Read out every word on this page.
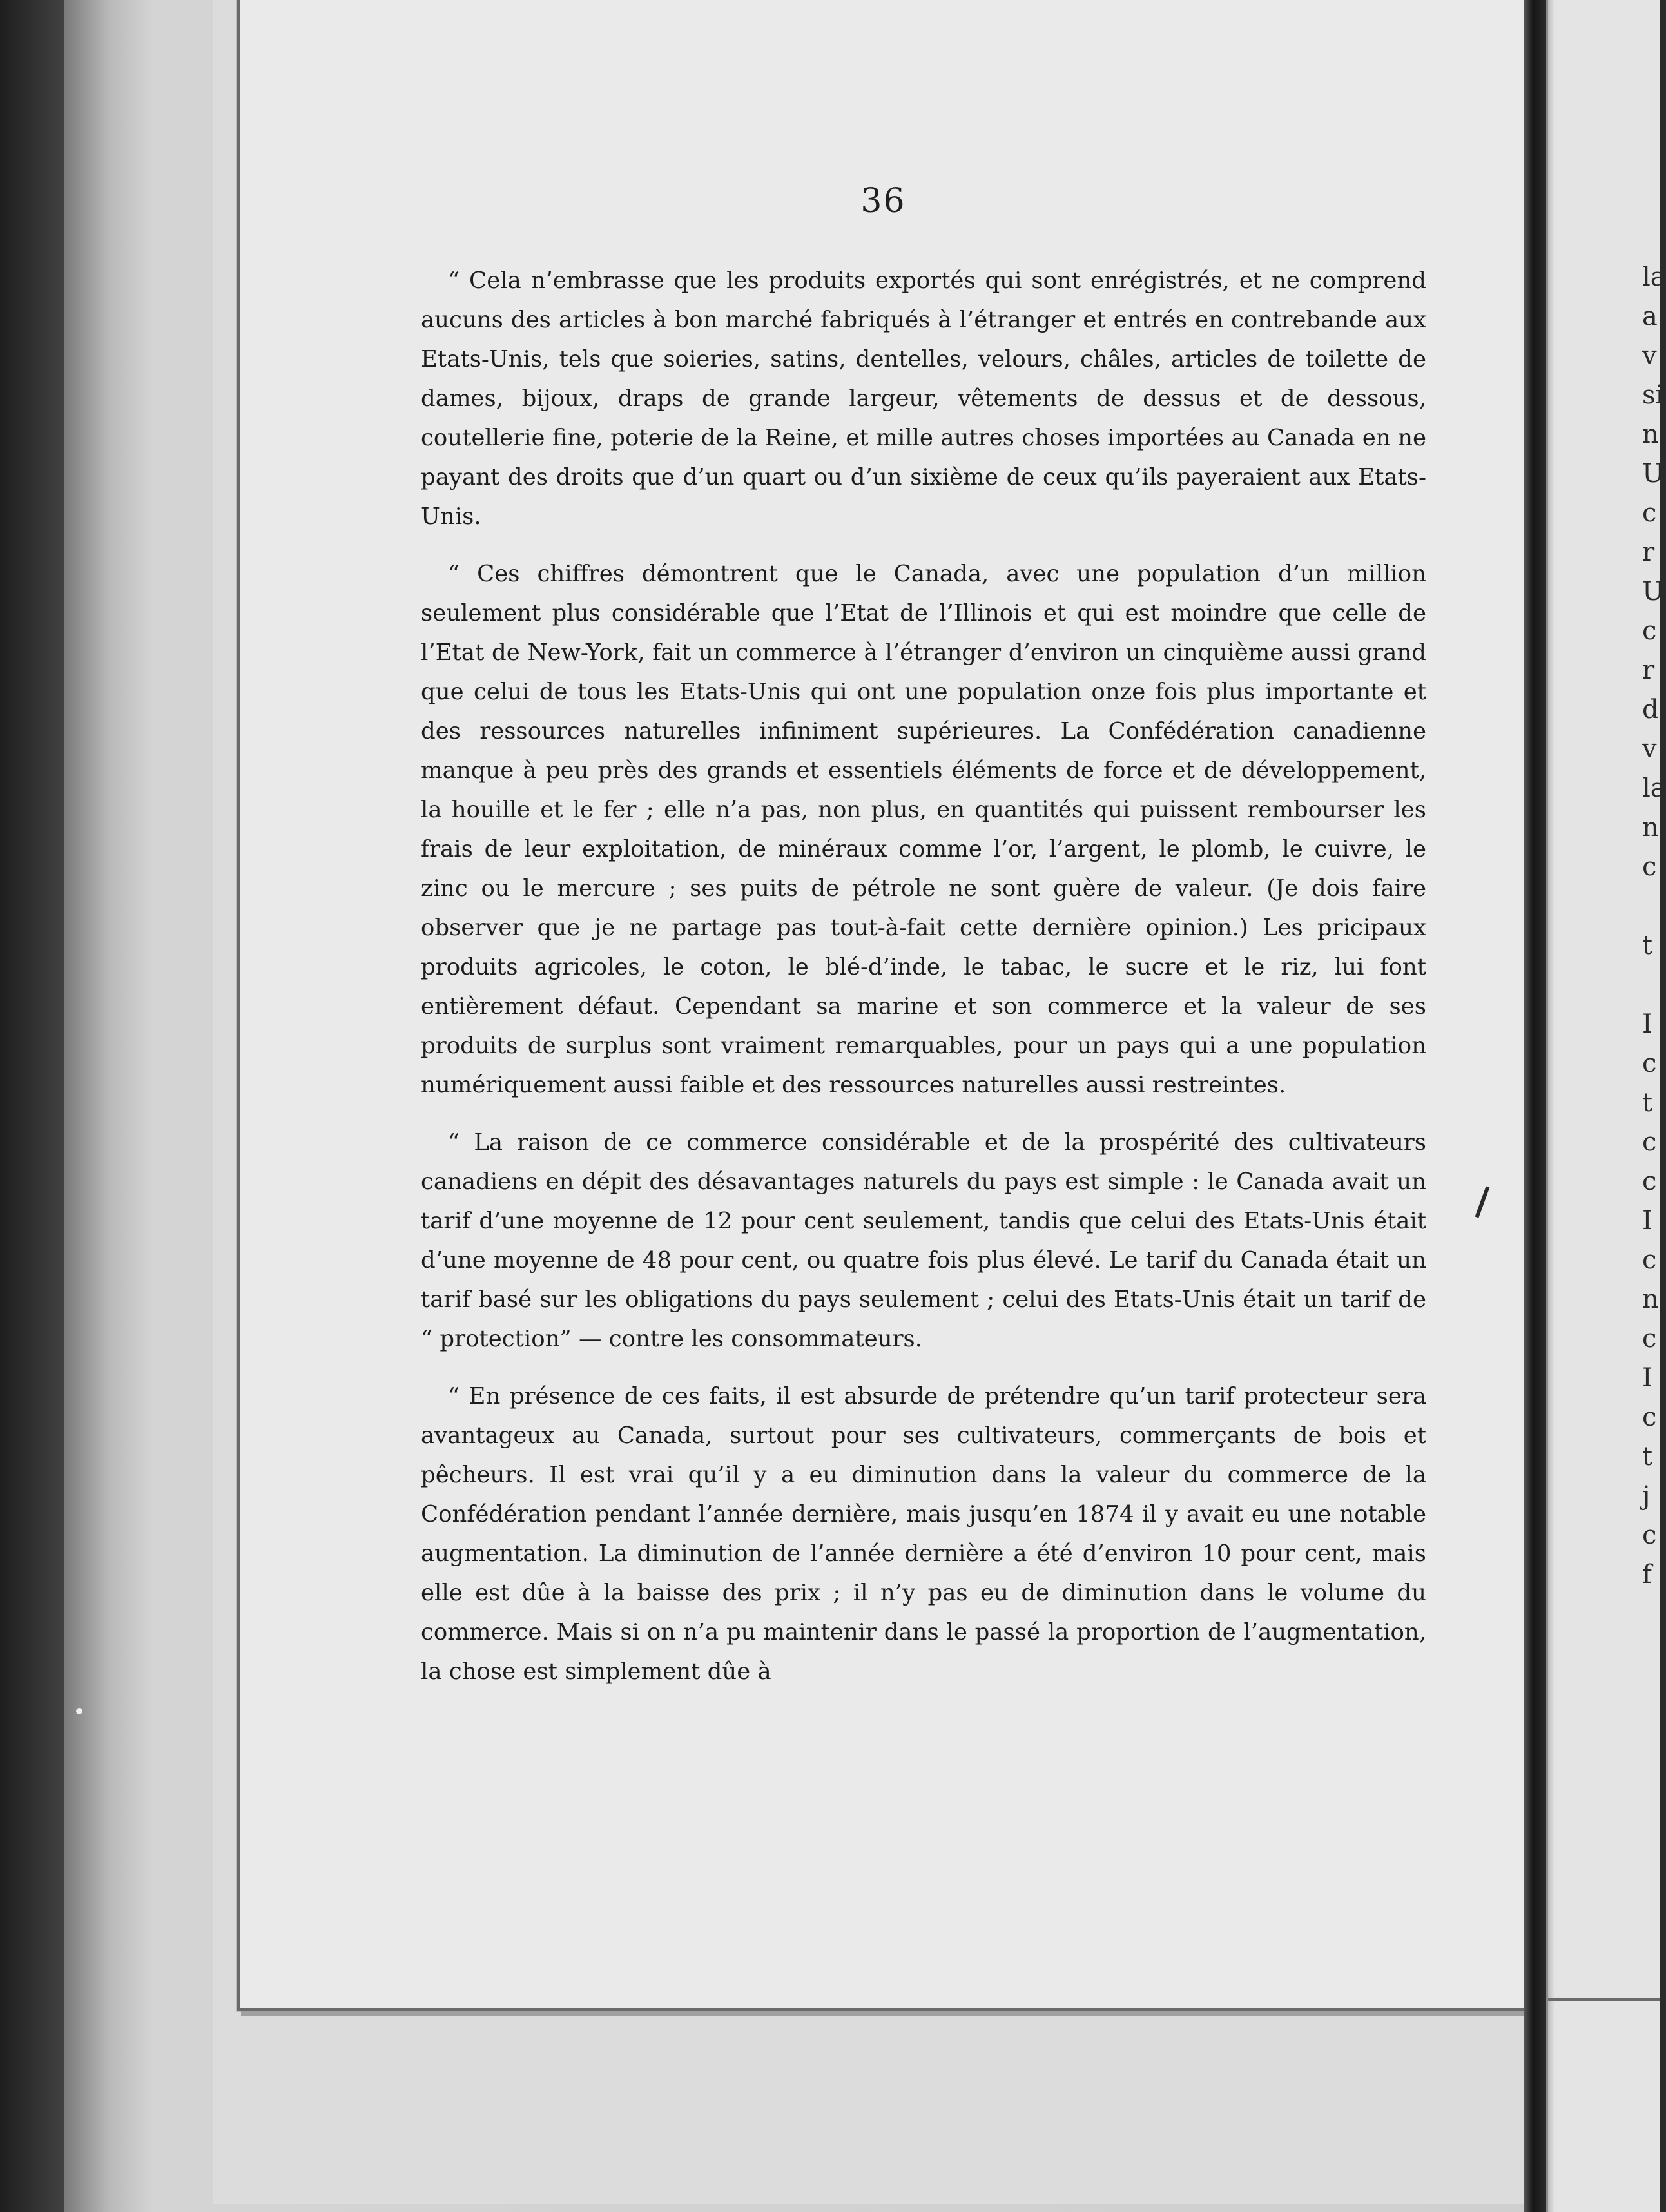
36

“ Cela n’embrasse que les produits exportés qui sont enrégistrés, et ne comprend aucuns des articles à bon marché fabriqués à l’étranger et entrés en contrebande aux Etats-Unis, tels que soieries, satins, dentelles, velours, châles, articles de toilette de dames, bijoux, draps de grande largeur, vêtements de dessus et de dessous, coutellerie fine, poterie de la Reine, et mille autres choses importées au Canada en ne payant des droits que d’un quart ou d’un sixième de ceux qu’ils payeraient aux Etats-Unis.

“ Ces chiffres démontrent que le Canada, avec une population d’un million seulement plus considérable que l’Etat de l’Illinois et qui est moindre que celle de l’Etat de New-York, fait un commerce à l’étranger d’environ un cinquième aussi grand que celui de tous les Etats-Unis qui ont une population onze fois plus importante et des ressources naturelles infiniment supérieures. La Confédération canadienne manque à peu près des grands et essentiels éléments de force et de développement, la houille et le fer ; elle n’a pas, non plus, en quantités qui puissent rembourser les frais de leur exploitation, de minéraux comme l’or, l’argent, le plomb, le cuivre, le zinc ou le mercure ; ses puits de pétrole ne sont guère de valeur. (Je dois faire observer que je ne partage pas tout-à-fait cette dernière opinion.) Les pricipaux produits agricoles, le coton, le blé-d’inde, le tabac, le sucre et le riz, lui font entièrement défaut. Cependant sa marine et son commerce et la valeur de ses produits de surplus sont vraiment remarquables, pour un pays qui a une population numériquement aussi faible et des ressources naturelles aussi restreintes.

“ La raison de ce commerce considérable et de la prospérité des cultivateurs canadiens en dépit des désavantages naturels du pays est simple : le Canada avait un tarif d’une moyenne de 12 pour cent seulement, tandis que celui des Etats-Unis était d’une moyenne de 48 pour cent, ou quatre fois plus élevé. Le tarif du Canada était un tarif basé sur les obligations du pays seulement ; celui des Etats-Unis était un tarif de “ protection” — contre les consommateurs.

“ En présence de ces faits, il est absurde de prétendre qu’un tarif protecteur sera avantageux au Canada, surtout pour ses cultivateurs, commerçants de bois et pêcheurs. Il est vrai qu’il y a eu diminution dans la valeur du commerce de la Confédération pendant l’année dernière, mais jusqu’en 1874 il y avait eu une notable augmentation. La diminution de l’année dernière a été d’environ 10 pour cent, mais elle est dûe à la baisse des prix ; il n’y pas eu de diminution dans le volume du commerce. Mais si on n’a pu maintenir dans le passé la proportion de l’augmentation, la chose est simplement dûe à

la
a
v
si
n
U
c
r
U
c
r
d
v
la
n
c
t
I
c
t
c
c
I
c
n
c
I
c
t
j
c
f
